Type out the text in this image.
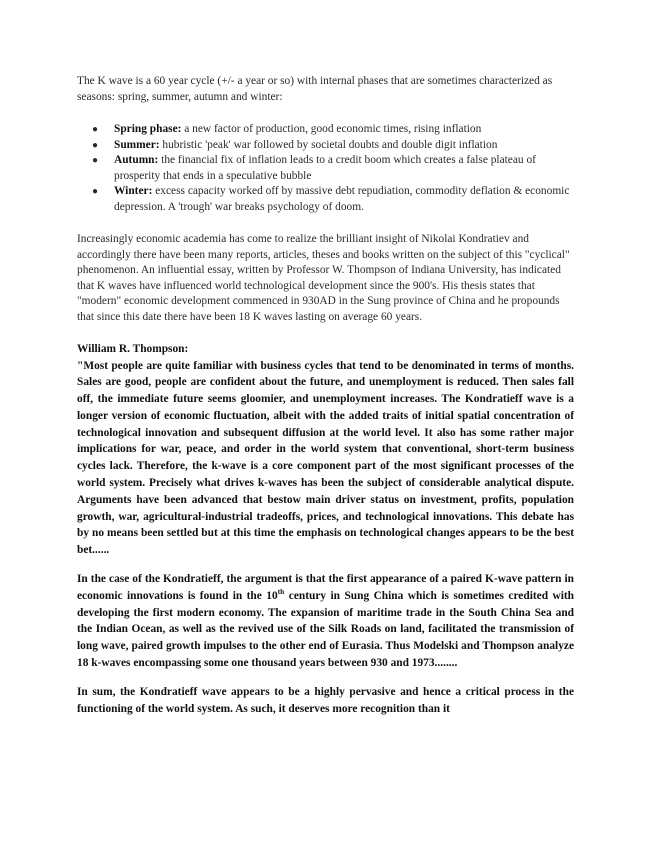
The K wave is a 60 year cycle (+/- a year or so) with internal phases that are sometimes characterized as seasons: spring, summer, autumn and winter:

● Spring phase: a new factor of production, good economic times, rising inflation
● Summer: hubristic 'peak' war followed by societal doubts and double digit inflation
● Autumn: the financial fix of inflation leads to a credit boom which creates a false plateau of prosperity that ends in a speculative bubble
● Winter: excess capacity worked off by massive debt repudiation, commodity deflation & economic depression. A 'trough' war breaks psychology of doom.

Increasingly economic academia has come to realize the brilliant insight of Nikolai Kondratiev and accordingly there have been many reports, articles, theses and books written on the subject of this "cyclical" phenomenon. An influential essay, written by Professor W. Thompson of Indiana University, has indicated that K waves have influenced world technological development since the 900's. His thesis states that "modern" economic development commenced in 930AD in the Sung province of China and he propounds that since this date there have been 18 K waves lasting on average 60 years.

William R. Thompson:

"Most people are quite familiar with business cycles that tend to be denominated in terms of months. Sales are good, people are confident about the future, and unemployment is reduced. Then sales fall off, the immediate future seems gloomier, and unemployment increases. The Kondratieff wave is a longer version of economic fluctuation, albeit with the added traits of initial spatial concentration of technological innovation and subsequent diffusion at the world level. It also has some rather major implications for war, peace, and order in the world system that conventional, short-term business cycles lack. Therefore, the k-wave is a core component part of the most significant processes of the world system. Precisely what drives k-waves has been the subject of considerable analytical dispute. Arguments have been advanced that bestow main driver status on investment, profits, population growth, war, agricultural-industrial tradeoffs, prices, and technological innovations. This debate has by no means been settled but at this time the emphasis on technological changes appears to be the best bet......

In the case of the Kondratieff, the argument is that the first appearance of a paired K-wave pattern in economic innovations is found in the 10th century in Sung China which is sometimes credited with developing the first modern economy. The expansion of maritime trade in the South China Sea and the Indian Ocean, as well as the revived use of the Silk Roads on land, facilitated the transmission of long wave, paired growth impulses to the other end of Eurasia. Thus Modelski and Thompson analyze 18 k-waves encompassing some one thousand years between 930 and 1973........

In sum, the Kondratieff wave appears to be a highly pervasive and hence a critical process in the functioning of the world system. As such, it deserves more recognition than it
